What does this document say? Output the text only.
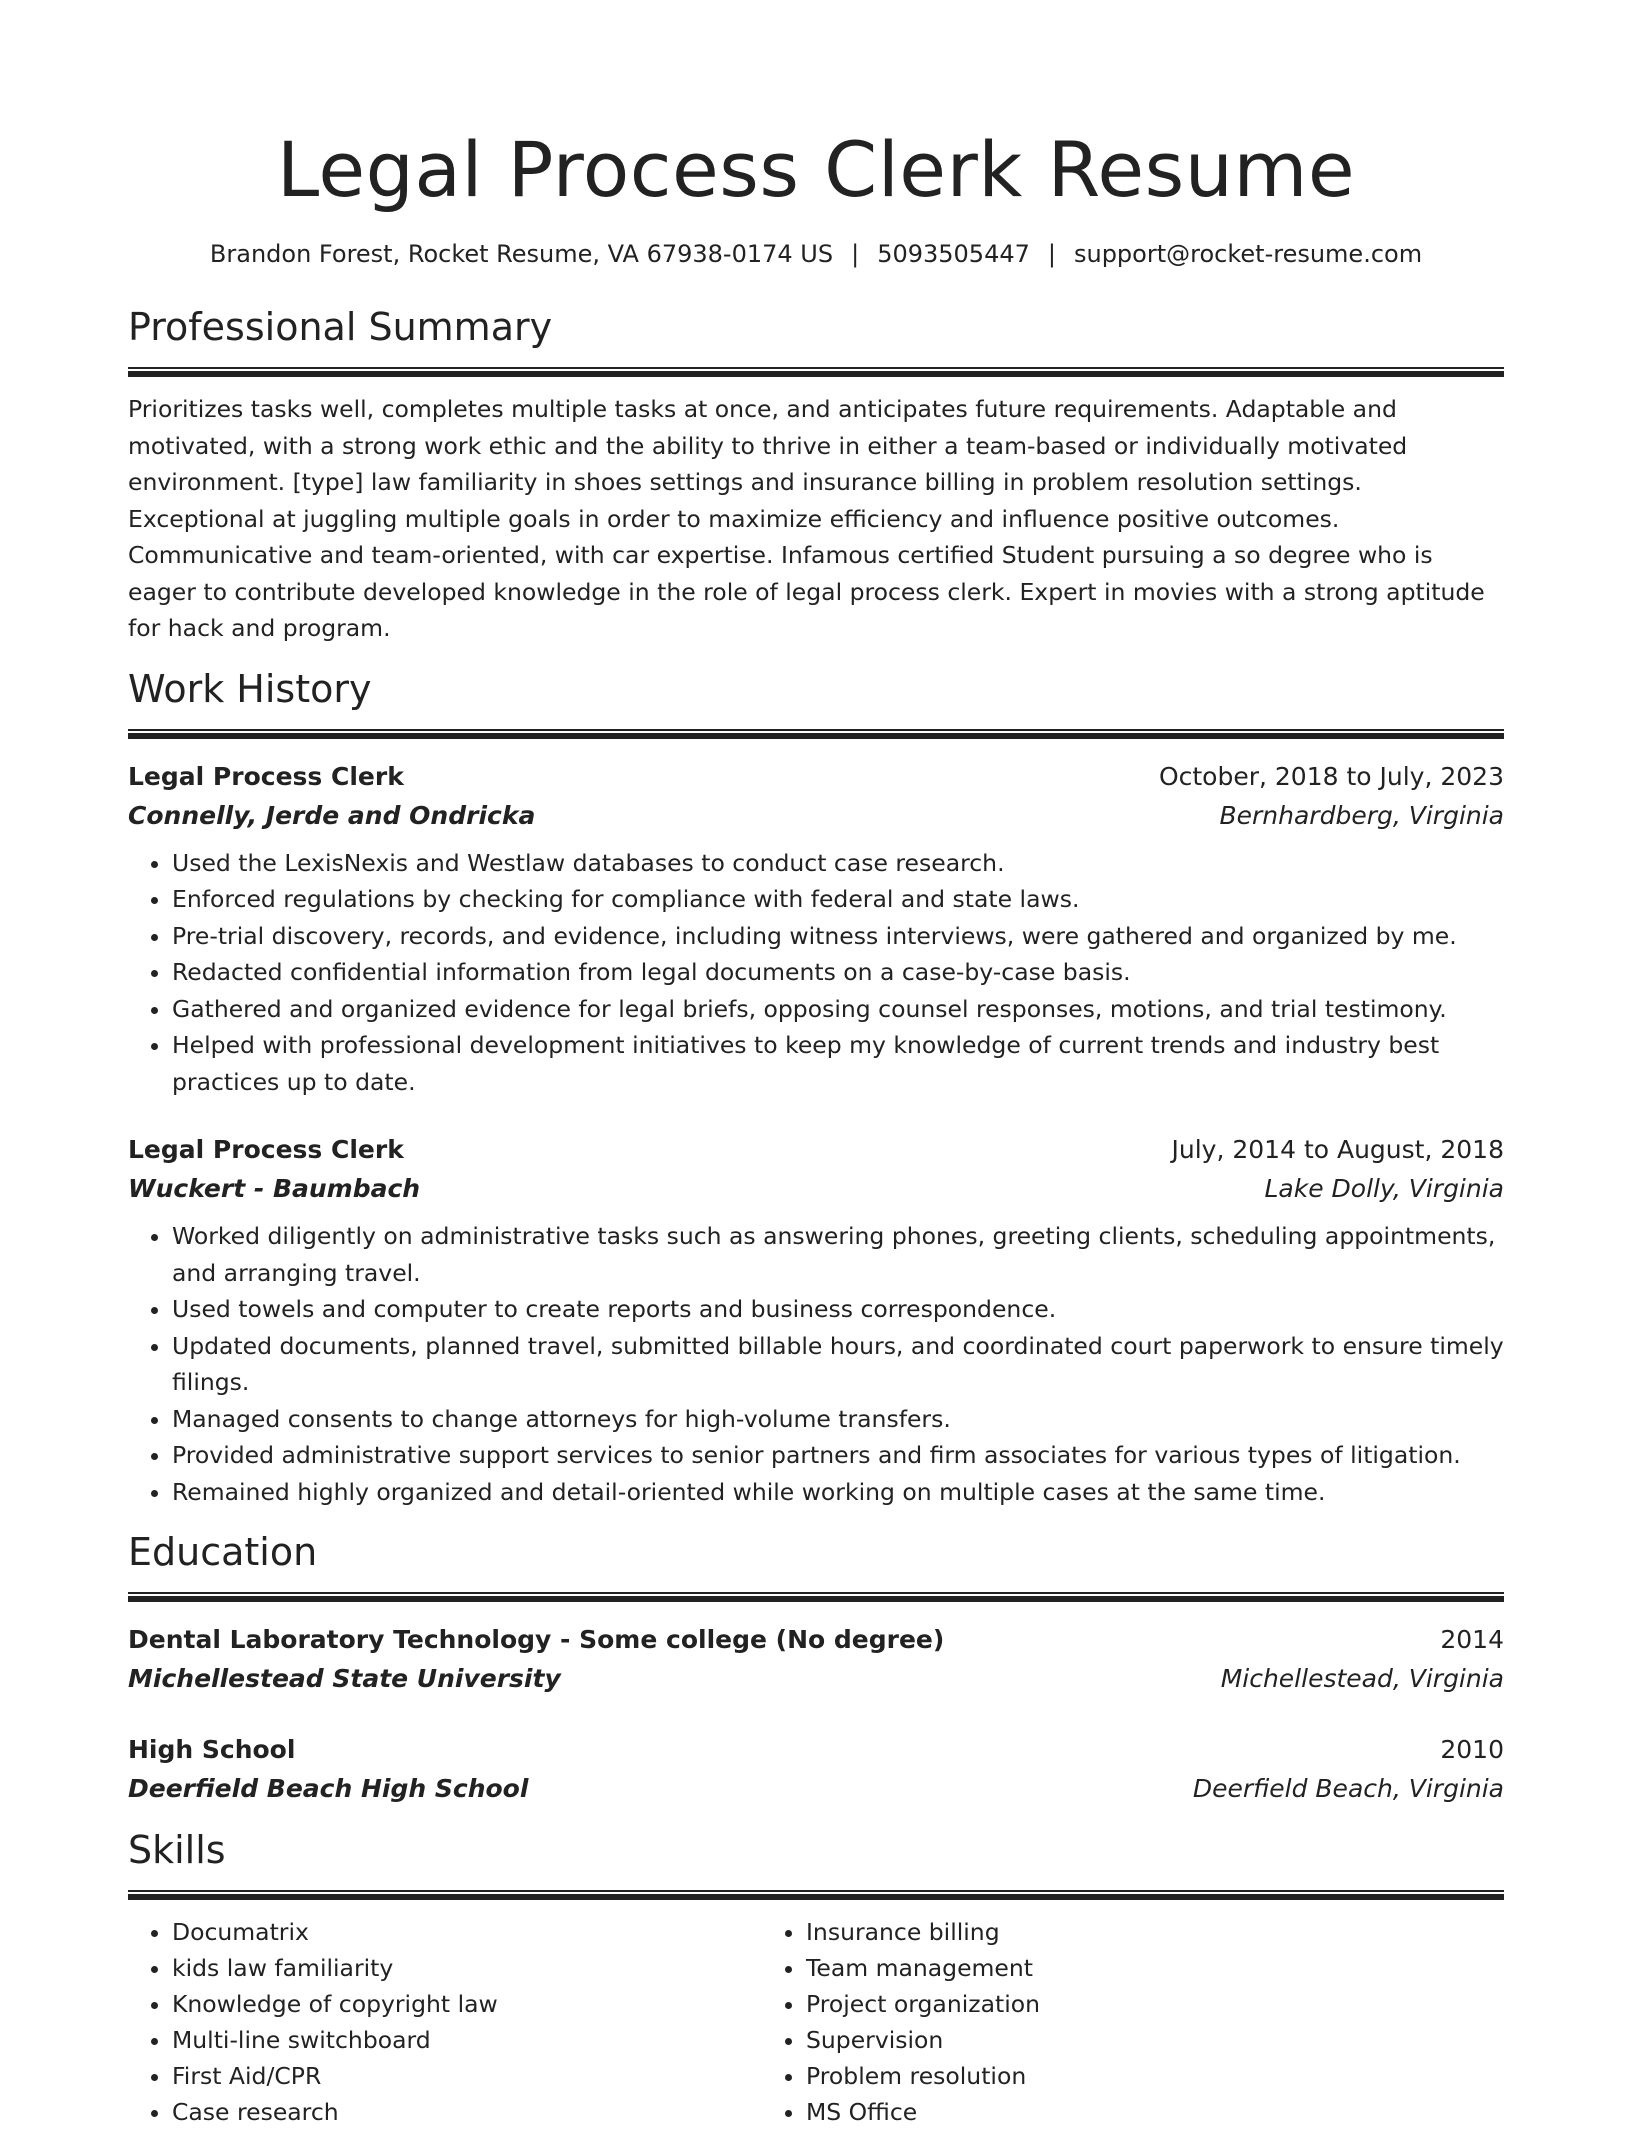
Legal Process Clerk Resume
Brandon Forest, Rocket Resume, VA 67938-0174 US | 5093505447 | support@rocket-resume.com
Professional Summary

Prioritizes tasks well, completes multiple tasks at once, and anticipates future requirements. Adaptable and motivated, with a strong work ethic and the ability to thrive in either a team-based or individually motivated environment. [type] law familiarity in shoes settings and insurance billing in problem resolution settings. Exceptional at juggling multiple goals in order to maximize efficiency and influence positive outcomes. Communicative and team-oriented, with car expertise. Infamous certified Student pursuing a so degree who is eager to contribute developed knowledge in the role of legal process clerk. Expert in movies with a strong aptitude for hack and program.

Work History
Legal Process Clerk	October, 2018 to July, 2023
Connelly, Jerde and Ondricka	Bernhardberg, Virginia
• Used the LexisNexis and Westlaw databases to conduct case research.
• Enforced regulations by checking for compliance with federal and state laws.
• Pre-trial discovery, records, and evidence, including witness interviews, were gathered and organized by me.
• Redacted confidential information from legal documents on a case-by-case basis.
• Gathered and organized evidence for legal briefs, opposing counsel responses, motions, and trial testimony.
• Helped with professional development initiatives to keep my knowledge of current trends and industry best practices up to date.
Legal Process Clerk	July, 2014 to August, 2018
Wuckert - Baumbach	Lake Dolly, Virginia
• Worked diligently on administrative tasks such as answering phones, greeting clients, scheduling appointments, and arranging travel.
• Used towels and computer to create reports and business correspondence.
• Updated documents, planned travel, submitted billable hours, and coordinated court paperwork to ensure timely filings.
• Managed consents to change attorneys for high-volume transfers.
• Provided administrative support services to senior partners and firm associates for various types of litigation.
• Remained highly organized and detail-oriented while working on multiple cases at the same time.
Education
Dental Laboratory Technology - Some college (No degree)	2014
Michellestead State University	Michellestead, Virginia
High School	2010
Deerfield Beach High School	Deerfield Beach, Virginia
Skills
• Documatrix
• kids law familiarity
• Knowledge of copyright law
• Multi-line switchboard
• First Aid/CPR
• Case research
• Insurance billing
• Team management
• Project organization
• Supervision
• Problem resolution
• MS Office
